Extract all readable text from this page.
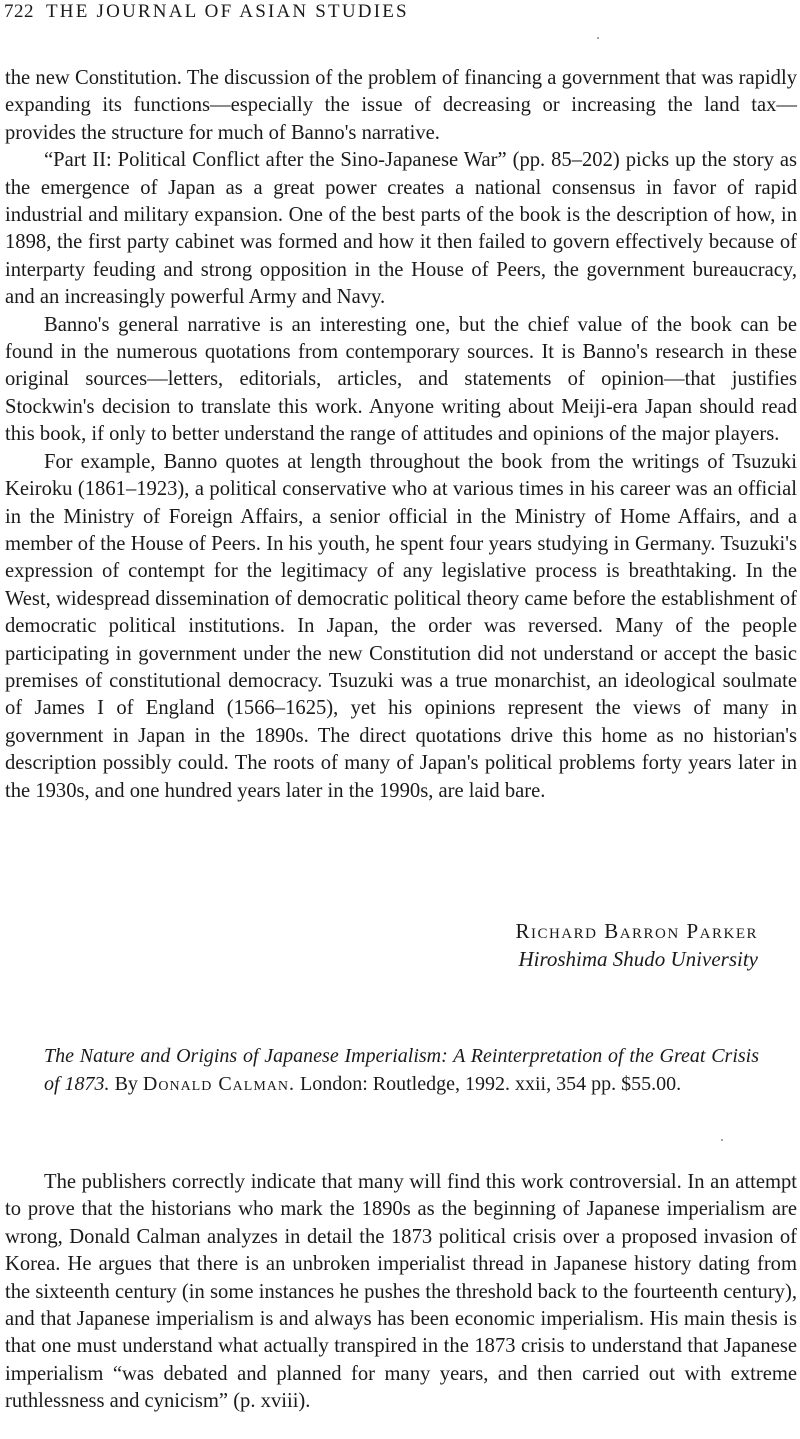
722 THE JOURNAL OF ASIAN STUDIES

the new Constitution. The discussion of the problem of financing a government that was rapidly expanding its functions—especially the issue of decreasing or increasing the land tax—provides the structure for much of Banno's narrative.

“Part II: Political Conflict after the Sino-Japanese War” (pp. 85–202) picks up the story as the emergence of Japan as a great power creates a national consensus in favor of rapid industrial and military expansion. One of the best parts of the book is the description of how, in 1898, the first party cabinet was formed and how it then failed to govern effectively because of interparty feuding and strong opposition in the House of Peers, the government bureaucracy, and an increasingly powerful Army and Navy.

Banno's general narrative is an interesting one, but the chief value of the book can be found in the numerous quotations from contemporary sources. It is Banno's research in these original sources—letters, editorials, articles, and statements of opinion—that justifies Stockwin's decision to translate this work. Anyone writing about Meiji-era Japan should read this book, if only to better understand the range of attitudes and opinions of the major players.

For example, Banno quotes at length throughout the book from the writings of Tsuzuki Keiroku (1861–1923), a political conservative who at various times in his career was an official in the Ministry of Foreign Affairs, a senior official in the Ministry of Home Affairs, and a member of the House of Peers. In his youth, he spent four years studying in Germany. Tsuzuki's expression of contempt for the legitimacy of any legislative process is breathtaking. In the West, widespread dissemination of democratic political theory came before the establishment of democratic political institutions. In Japan, the order was reversed. Many of the people participating in government under the new Constitution did not understand or accept the basic premises of constitutional democracy. Tsuzuki was a true monarchist, an ideological soulmate of James I of England (1566–1625), yet his opinions represent the views of many in government in Japan in the 1890s. The direct quotations drive this home as no historian's description possibly could. The roots of many of Japan's political problems forty years later in the 1930s, and one hundred years later in the 1990s, are laid bare.

Richard Barron Parker
Hiroshima Shudo University
The Nature and Origins of Japanese Imperialism: A Reinterpretation of the Great Crisis of 1873. By Donald Calman. London: Routledge, 1992. xxii, 354 pp. $55.00.

The publishers correctly indicate that many will find this work controversial. In an attempt to prove that the historians who mark the 1890s as the beginning of Japanese imperialism are wrong, Donald Calman analyzes in detail the 1873 political crisis over a proposed invasion of Korea. He argues that there is an unbroken imperialist thread in Japanese history dating from the sixteenth century (in some instances he pushes the threshold back to the fourteenth century), and that Japanese imperialism is and always has been economic imperialism. His main thesis is that one must understand what actually transpired in the 1873 crisis to understand that Japanese imperialism “was debated and planned for many years, and then carried out with extreme ruthlessness and cynicism” (p. xviii).
